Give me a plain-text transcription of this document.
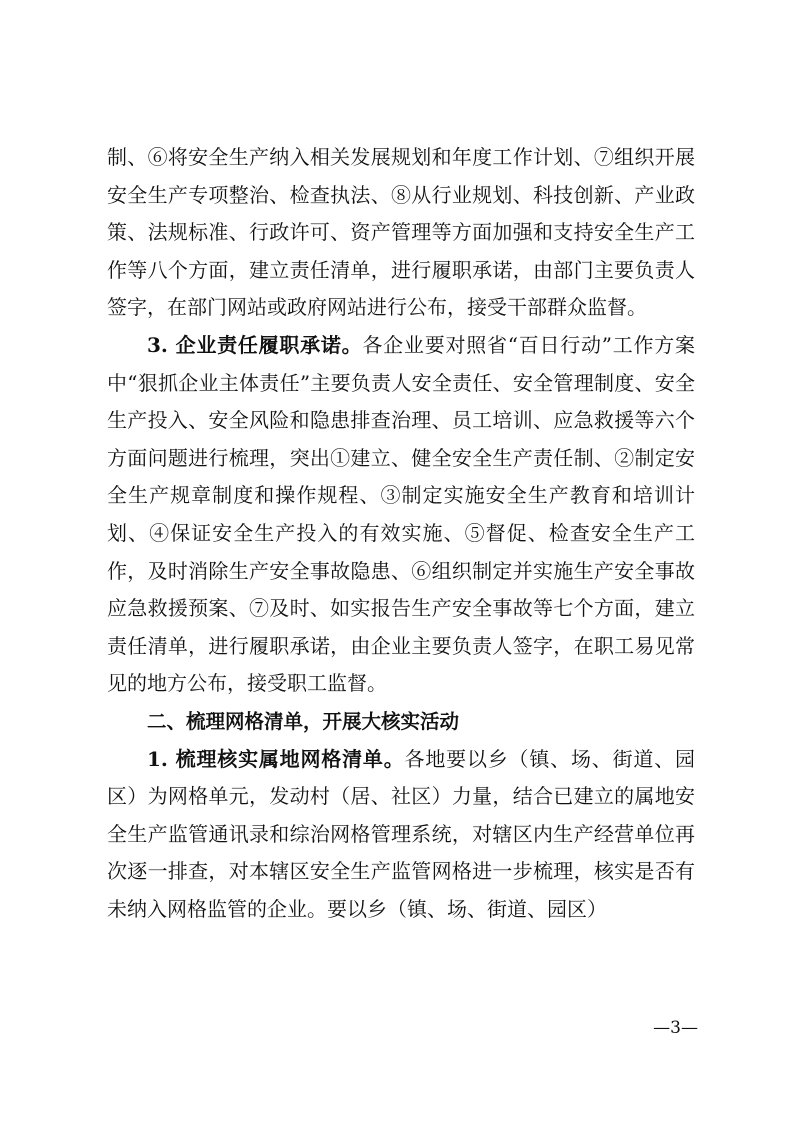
制、⑥将安全生产纳入相关发展规划和年度工作计划、⑦组织开展安全生产专项整治、检查执法、⑧从行业规划、科技创新、产业政策、法规标准、行政许可、资产管理等方面加强和支持安全生产工作等八个方面，建立责任清单，进行履职承诺，由部门主要负责人签字，在部门网站或政府网站进行公布，接受干部群众监督。

3. 企业责任履职承诺。各企业要对照省“百日行动”工作方案中“狠抓企业主体责任”主要负责人安全责任、安全管理制度、安全生产投入、安全风险和隐患排查治理、员工培训、应急救援等六个方面问题进行梳理，突出①建立、健全安全生产责任制、②制定安全生产规章制度和操作规程、③制定实施安全生产教育和培训计划、④保证安全生产投入的有效实施、⑤督促、检查安全生产工作，及时消除生产安全事故隐患、⑥组织制定并实施生产安全事故应急救援预案、⑦及时、如实报告生产安全事故等七个方面，建立责任清单，进行履职承诺，由企业主要负责人签字，在职工易见常见的地方公布，接受职工监督。

二、梳理网格清单，开展大核实活动

1. 梳理核实属地网格清单。各地要以乡（镇、场、街道、园区）为网格单元，发动村（居、社区）力量，结合已建立的属地安全生产监管通讯录和综治网格管理系统，对辖区内生产经营单位再次逐一排查，对本辖区安全生产监管网格进一步梳理，核实是否有未纳入网格监管的企业。要以乡（镇、场、街道、园区）

—3—
